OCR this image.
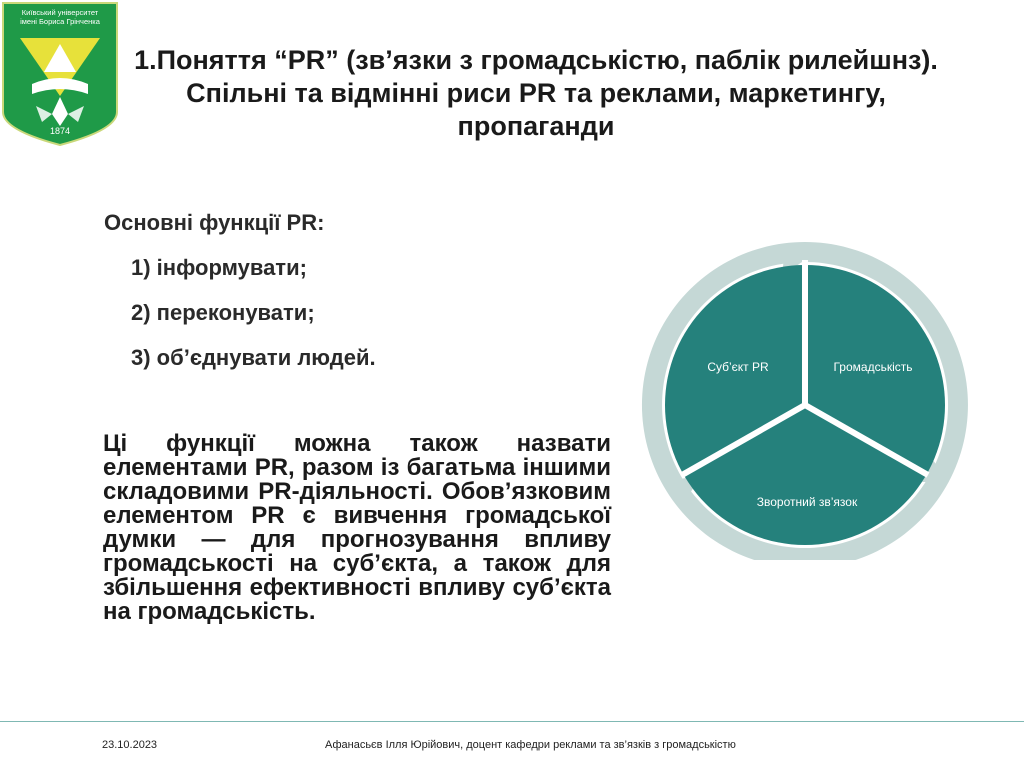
Київський університет
імені Бориса Грінченка
1874
1.Поняття “PR” (зв’язки з громадськістю, паблік рилейшнз). Спільні та відмінні риси PR та реклами, маркетингу, пропаганди
Основні функції PR:
1) інформувати;
2) переконувати;
3) об’єднувати людей.
Ці функції можна також назвати елементами PR, разом із багатьма іншими складовими PR-діяльності. Обов’язковим елементом PR є вивчення громадської думки — для прогнозування впливу громадськості на суб’єкта, а також для збільшення ефективності впливу суб’єкта на громадськість.
Суб’єкт PR	Громадськість
Зворотний зв’язок
23.10.2023	Афанасьєв Ілля Юрійович, доцент кафедри реклами та зв’язків з громадськістю
